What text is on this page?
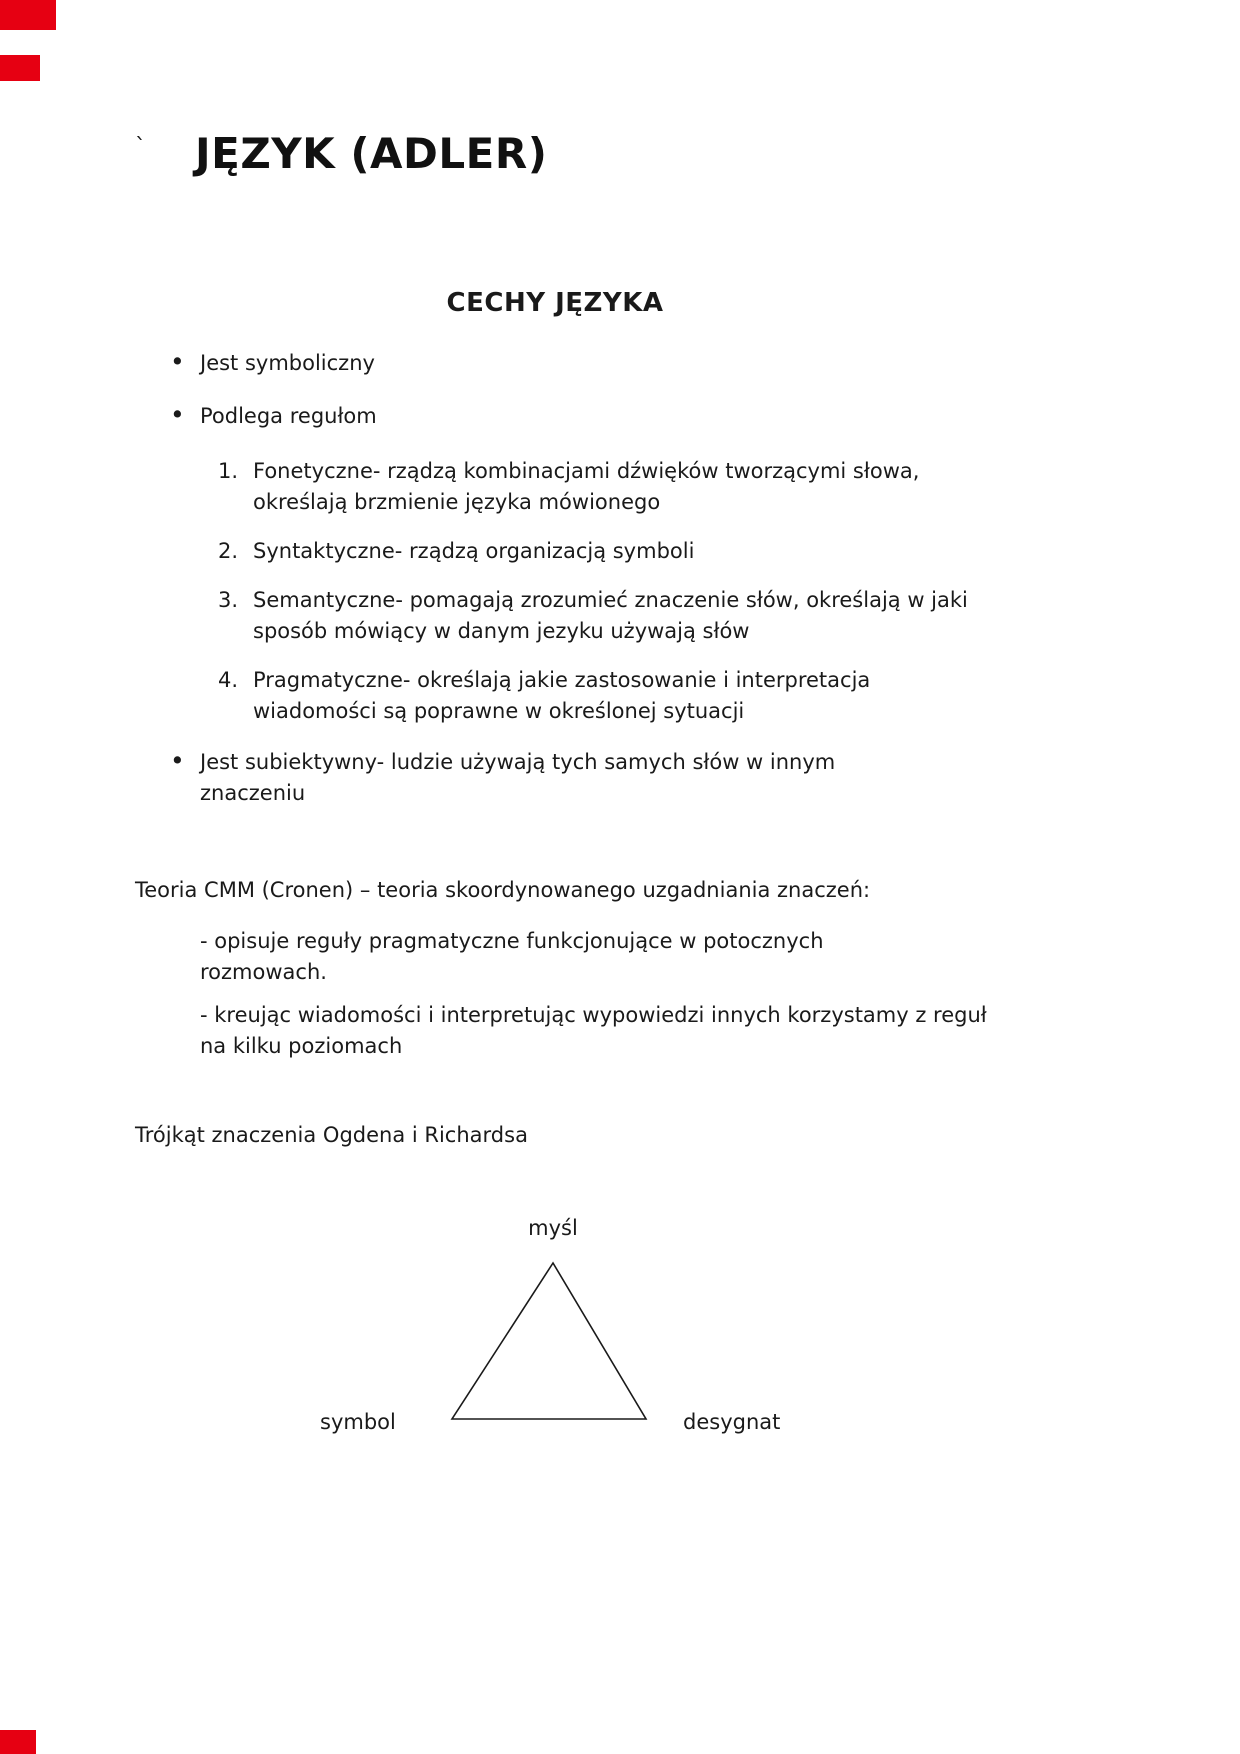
`	JĘZYK (ADLER)
CECHY JĘZYKA
• Jest symboliczny
• Podlega regułom
1. Fonetyczne- rządzą kombinacjami dźwięków tworzącymi słowa, określają brzmienie języka mówionego
2. Syntaktyczne- rządzą organizacją symboli
3. Semantyczne- pomagają zrozumieć znaczenie słów, określają w jaki sposób mówiący w danym jezyku używają słów
4. Pragmatyczne- określają jakie zastosowanie i interpretacja wiadomości są poprawne w określonej sytuacji
• Jest subiektywny- ludzie używają tych samych słów w innym znaczeniu
Teoria CMM (Cronen) – teoria skoordynowanego uzgadniania znaczeń:
- opisuje reguły pragmatyczne funkcjonujące w potocznych rozmowach.
- kreując wiadomości i interpretując wypowiedzi innych korzystamy z reguł na kilku poziomach
Trójkąt znaczenia Ogdena i Richardsa
myśl
symbol	desygnat
